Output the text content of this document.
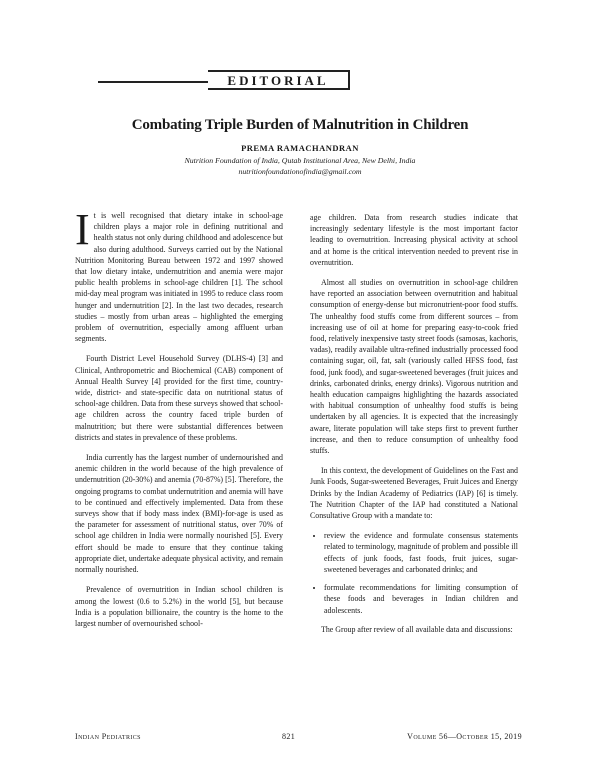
EDITORIAL
Combating Triple Burden of Malnutrition in Children
PREMA RAMACHANDRAN
Nutrition Foundation of India, Qutab Institutional Area, New Delhi, India
nutritionfoundationofindia@gmail.com

It is well recognised that dietary intake in school-age children plays a major role in defining nutritional and health status not only during childhood and adolescence but also during adulthood. Surveys carried out by the National Nutrition Monitoring Bureau between 1972 and 1997 showed that low dietary intake, undernutrition and anemia were major public health problems in school-age children [1]. The school mid-day meal program was initiated in 1995 to reduce class room hunger and undernutrition [2]. In the last two decades, research studies – mostly from urban areas – highlighted the emerging problem of overnutrition, especially among affluent urban segments.

Fourth District Level Household Survey (DLHS-4) [3] and Clinical, Anthropometric and Biochemical (CAB) component of Annual Health Survey [4] provided for the first time, country-wide, district- and state-specific data on nutritional status of school-age children. Data from these surveys showed that school-age children across the country faced triple burden of malnutrition; but there were substantial differences between districts and states in prevalence of these problems.

India currently has the largest number of undernourished and anemic children in the world because of the high prevalence of undernutrition (20-30%) and anemia (70-87%) [5]. Therefore, the ongoing programs to combat undernutrition and anemia will have to be continued and effectively implemented. Data from these surveys show that if body mass index (BMI)-for-age is used as the parameter for assessment of nutritional status, over 70% of school age children in India were normally nourished [5]. Every effort should be made to ensure that they continue taking appropriate diet, undertake adequate physical activity, and remain normally nourished.

Prevalence of overnutrition in Indian school children is among the lowest (0.6 to 5.2%) in the world [5], but because India is a population billionaire, the country is the home to the largest number of overnourished school-

age children. Data from research studies indicate that increasingly sedentary lifestyle is the most important factor leading to overnutrition. Increasing physical activity at school and at home is the critical intervention needed to prevent rise in overnutrition.

Almost all studies on overnutrition in school-age children have reported an association between overnutrition and habitual consumption of energy-dense but micronutrient-poor food stuffs. The unhealthy food stuffs come from different sources – from increasing use of oil at home for preparing easy-to-cook fried food, relatively inexpensive tasty street foods (samosas, kachoris, vadas), readily available ultra-refined industrially processed food containing sugar, oil, fat, salt (variously called HFSS food, fast food, junk food), and sugar-sweetened beverages (fruit juices and drinks, carbonated drinks, energy drinks). Vigorous nutrition and health education campaigns highlighting the hazards associated with habitual consumption of unhealthy food stuffs is being undertaken by all agencies. It is expected that the increasingly aware, literate population will take steps first to prevent further increase, and then to reduce consumption of unhealthy food stuffs.

In this context, the development of Guidelines on the Fast and Junk Foods, Sugar-sweetened Beverages, Fruit Juices and Energy Drinks by the Indian Academy of Pediatrics (IAP) [6] is timely. The Nutrition Chapter of the IAP had constituted a National Consultative Group with a mandate to:

• review the evidence and formulate consensus statements related to terminology, magnitude of problem and possible ill effects of junk foods, fast foods, fruit juices, sugar-sweetened beverages and carbonated drinks; and
• formulate recommendations for limiting consumption of these foods and beverages in Indian children and adolescents.

The Group after review of all available data and discussions:

Indian Pediatrics	821	Volume 56—October 15, 2019
